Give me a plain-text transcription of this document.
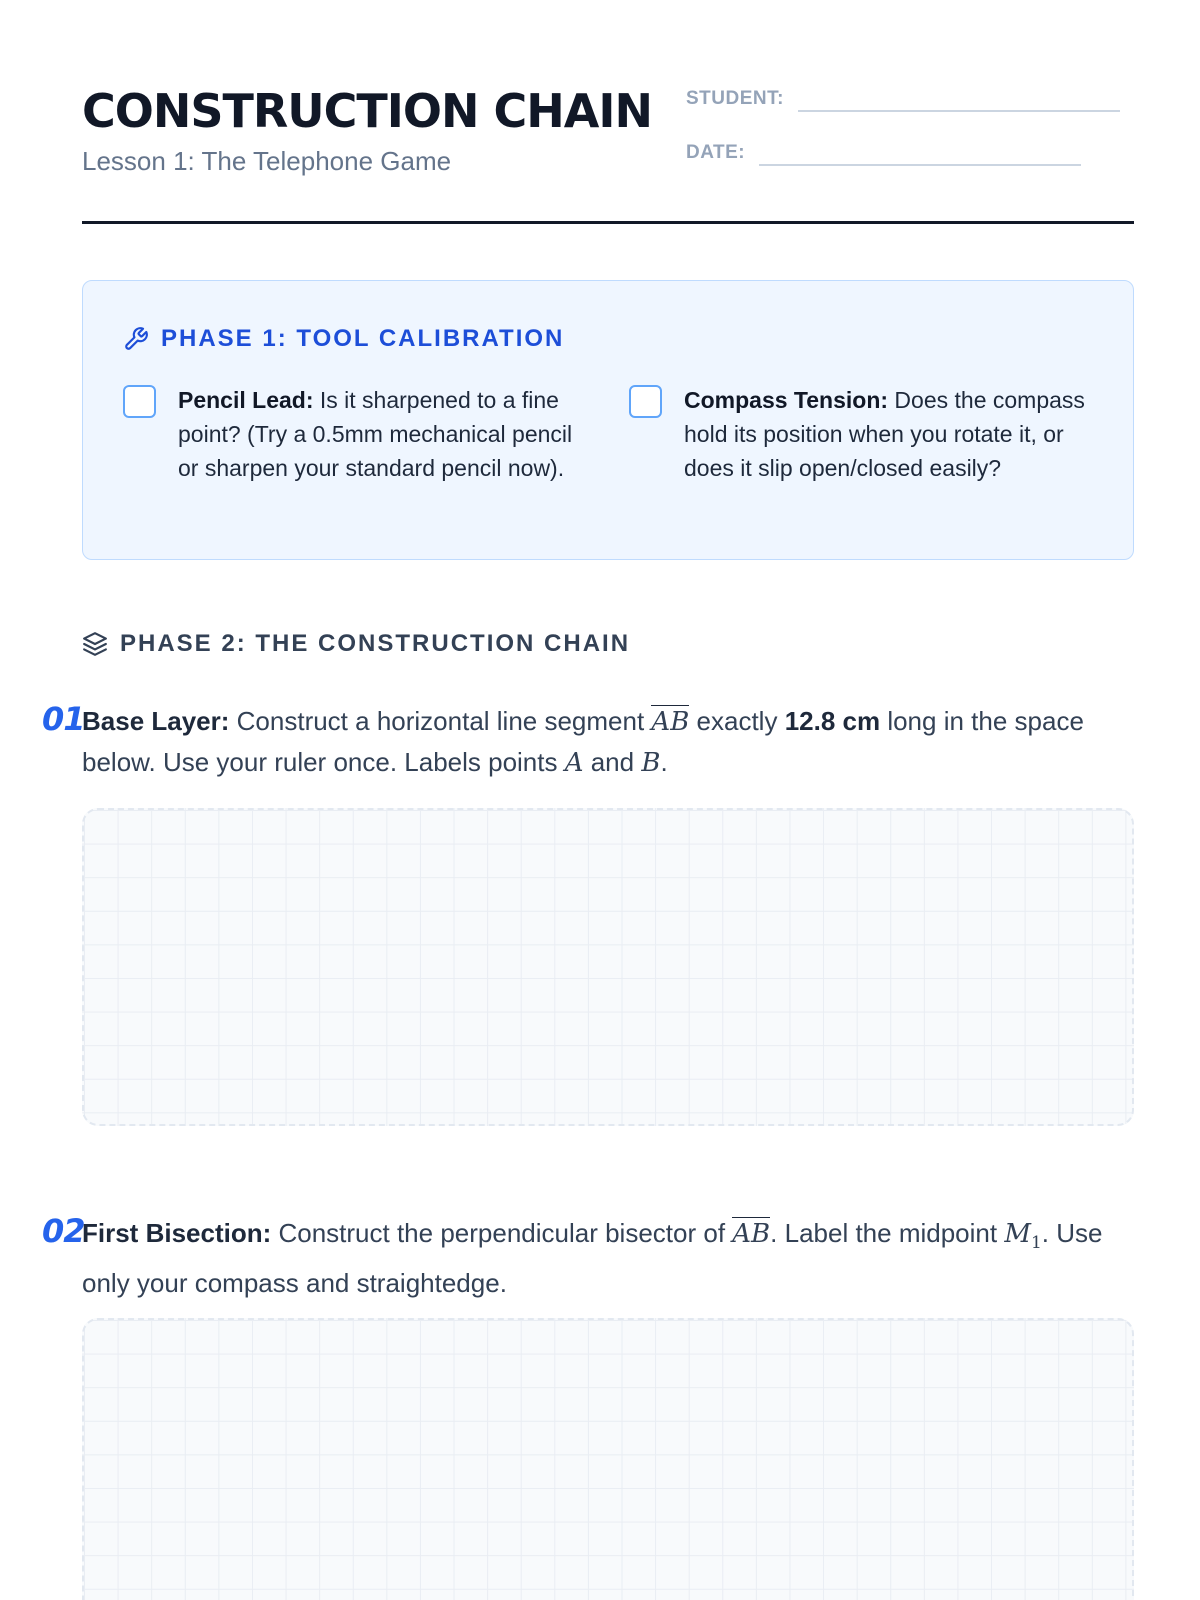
CONSTRUCTION CHAIN
Lesson 1: The Telephone Game
STUDENT:
DATE:
PHASE 1: TOOL CALIBRATION
Pencil Lead: Is it sharpened to a fine point? (Try a 0.5mm mechanical pencil or sharpen your standard pencil now).
Compass Tension: Does the compass hold its position when you rotate it, or does it slip open/closed easily?
PHASE 2: THE CONSTRUCTION CHAIN
01
Base Layer: Construct a horizontal line segment AB exactly 12.8 cm long in the space below. Use your ruler once. Labels points A and B.
02
First Bisection: Construct the perpendicular bisector of AB. Label the midpoint $M_1$. Use only your compass and straightedge.
